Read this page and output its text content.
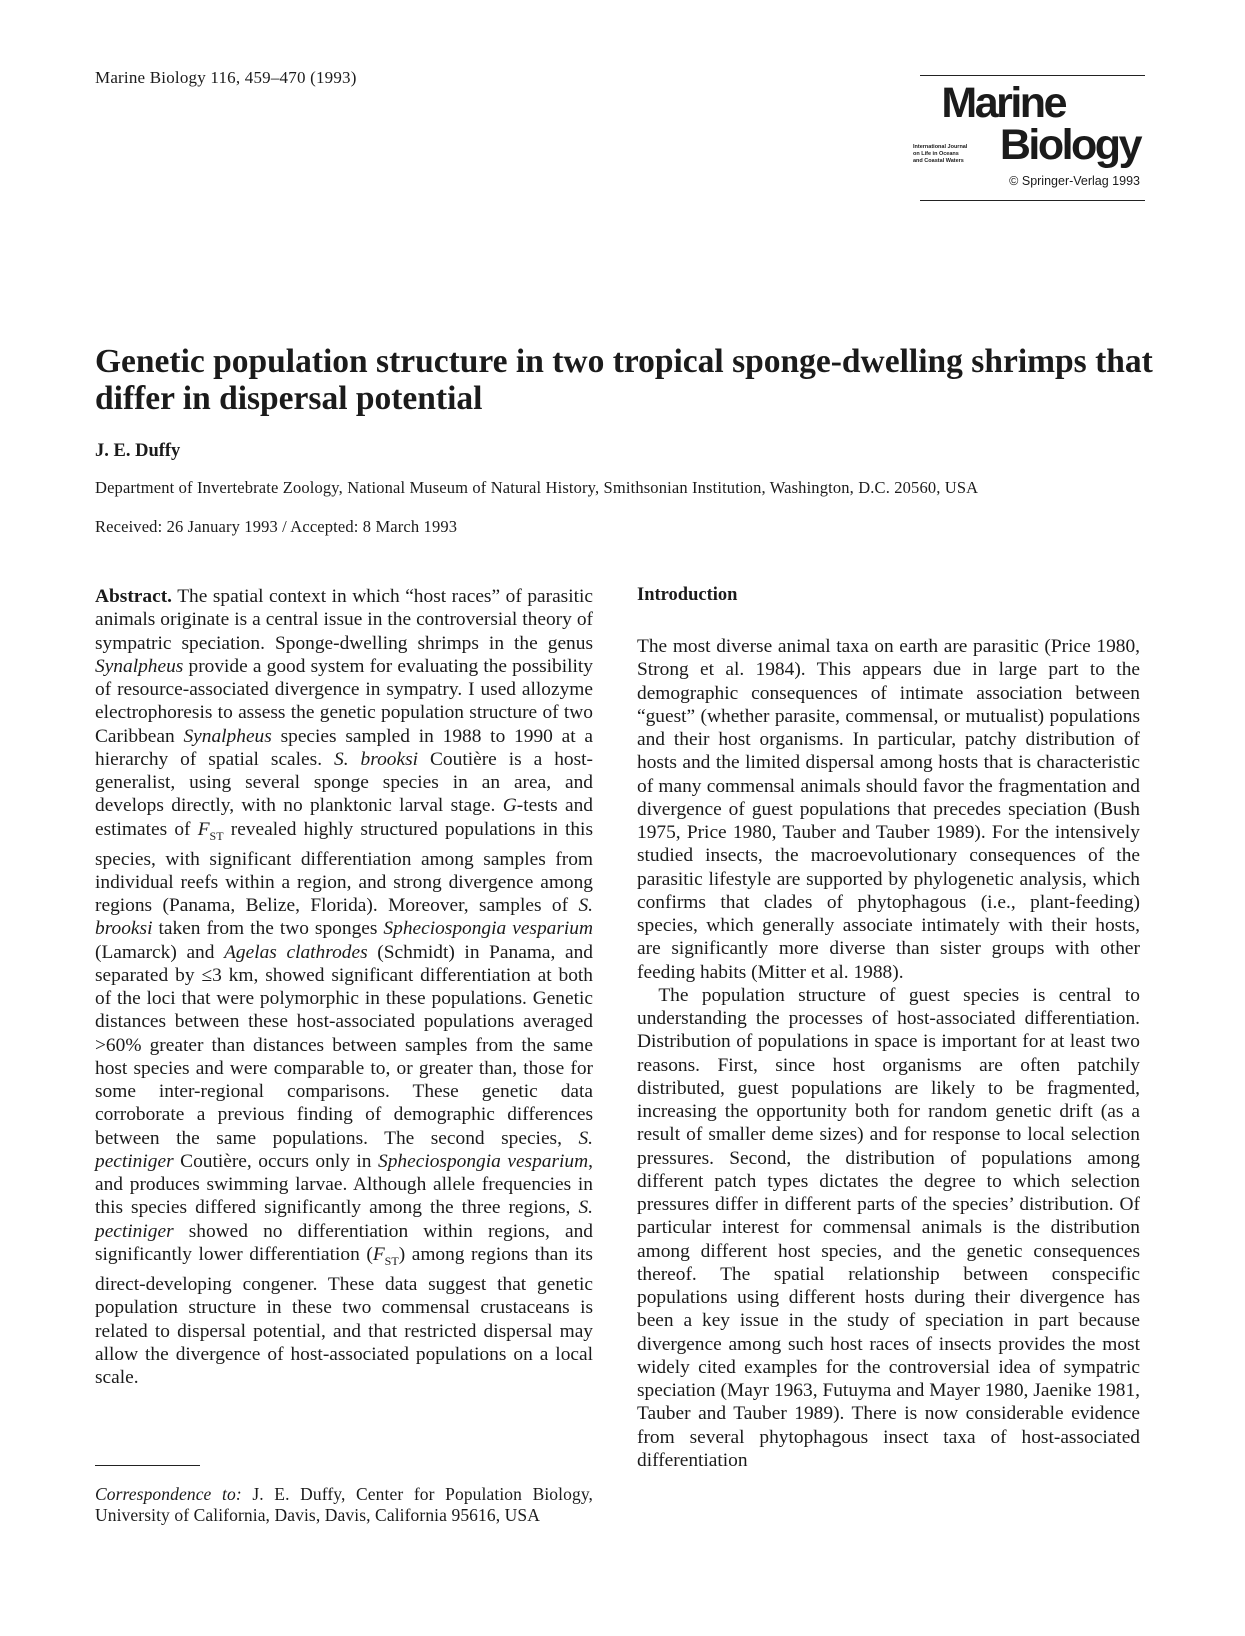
Marine Biology 116, 459–470 (1993)
Marine
International Journal
on Life in Oceans
and Coastal Waters Biology
© Springer-Verlag 1993
Genetic population structure in two tropical sponge-dwelling shrimps that differ in dispersal potential
J. E. Duffy
Department of Invertebrate Zoology, National Museum of Natural History, Smithsonian Institution, Washington, D.C. 20560, USA
Received: 26 January 1993 / Accepted: 8 March 1993
Abstract. The spatial context in which “host races” of parasitic animals originate is a central issue in the controversial theory of sympatric speciation. Sponge-dwelling shrimps in the genus Synalpheus provide a good system for evaluating the possibility of resource-associated divergence in sympatry. I used allozyme electrophoresis to assess the genetic population structure of two Caribbean Synalpheus species sampled in 1988 to 1990 at a hierarchy of spatial scales. S. brooksi Coutière is a host-generalist, using several sponge species in an area, and develops directly, with no planktonic larval stage. G-tests and estimates of $F_{ST}$ revealed highly structured populations in this species, with significant differentiation among samples from individual reefs within a region, and strong divergence among regions (Panama, Belize, Florida). Moreover, samples of S. brooksi taken from the two sponges Spheciospongia vesparium (Lamarck) and Agelas clathrodes (Schmidt) in Panama, and separated by ≤3 km, showed significant differentiation at both of the loci that were polymorphic in these populations. Genetic distances between these host-associated populations averaged >60% greater than distances between samples from the same host species and were comparable to, or greater than, those for some inter-regional comparisons. These genetic data corroborate a previous finding of demographic differences between the same populations. The second species, S. pectiniger Coutière, occurs only in Spheciospongia vesparium, and produces swimming larvae. Although allele frequencies in this species differed significantly among the three regions, S. pectiniger showed no differentiation within regions, and significantly lower differentiation $(F_{ST})$ among regions than its direct-developing congener. These data suggest that genetic population structure in these two commensal crustaceans is related to dispersal potential, and that restricted dispersal may allow the divergence of host-associated populations on a local scale.
Correspondence to: J. E. Duffy, Center for Population Biology, University of California, Davis, Davis, California 95616, USA
Introduction

The most diverse animal taxa on earth are parasitic (Price 1980, Strong et al. 1984). This appears due in large part to the demographic consequences of intimate association between “guest” (whether parasite, commensal, or mutualist) populations and their host organisms. In particular, patchy distribution of hosts and the limited dispersal among hosts that is characteristic of many commensal animals should favor the fragmentation and divergence of guest populations that precedes speciation (Bush 1975, Price 1980, Tauber and Tauber 1989). For the intensively studied insects, the macroevolutionary consequences of the parasitic lifestyle are supported by phylogenetic analysis, which confirms that clades of phytophagous (i.e., plant-feeding) species, which generally associate intimately with their hosts, are significantly more diverse than sister groups with other feeding habits (Mitter et al. 1988).

The population structure of guest species is central to understanding the processes of host-associated differentiation. Distribution of populations in space is important for at least two reasons. First, since host organisms are often patchily distributed, guest populations are likely to be fragmented, increasing the opportunity both for random genetic drift (as a result of smaller deme sizes) and for response to local selection pressures. Second, the distribution of populations among different patch types dictates the degree to which selection pressures differ in different parts of the species’ distribution. Of particular interest for commensal animals is the distribution among different host species, and the genetic consequences thereof. The spatial relationship between conspecific populations using different hosts during their divergence has been a key issue in the study of speciation in part because divergence among such host races of insects provides the most widely cited examples for the controversial idea of sympatric speciation (Mayr 1963, Futuyma and Mayer 1980, Jaenike 1981, Tauber and Tauber 1989). There is now considerable evidence from several phytophagous insect taxa of host-associated differentiation
